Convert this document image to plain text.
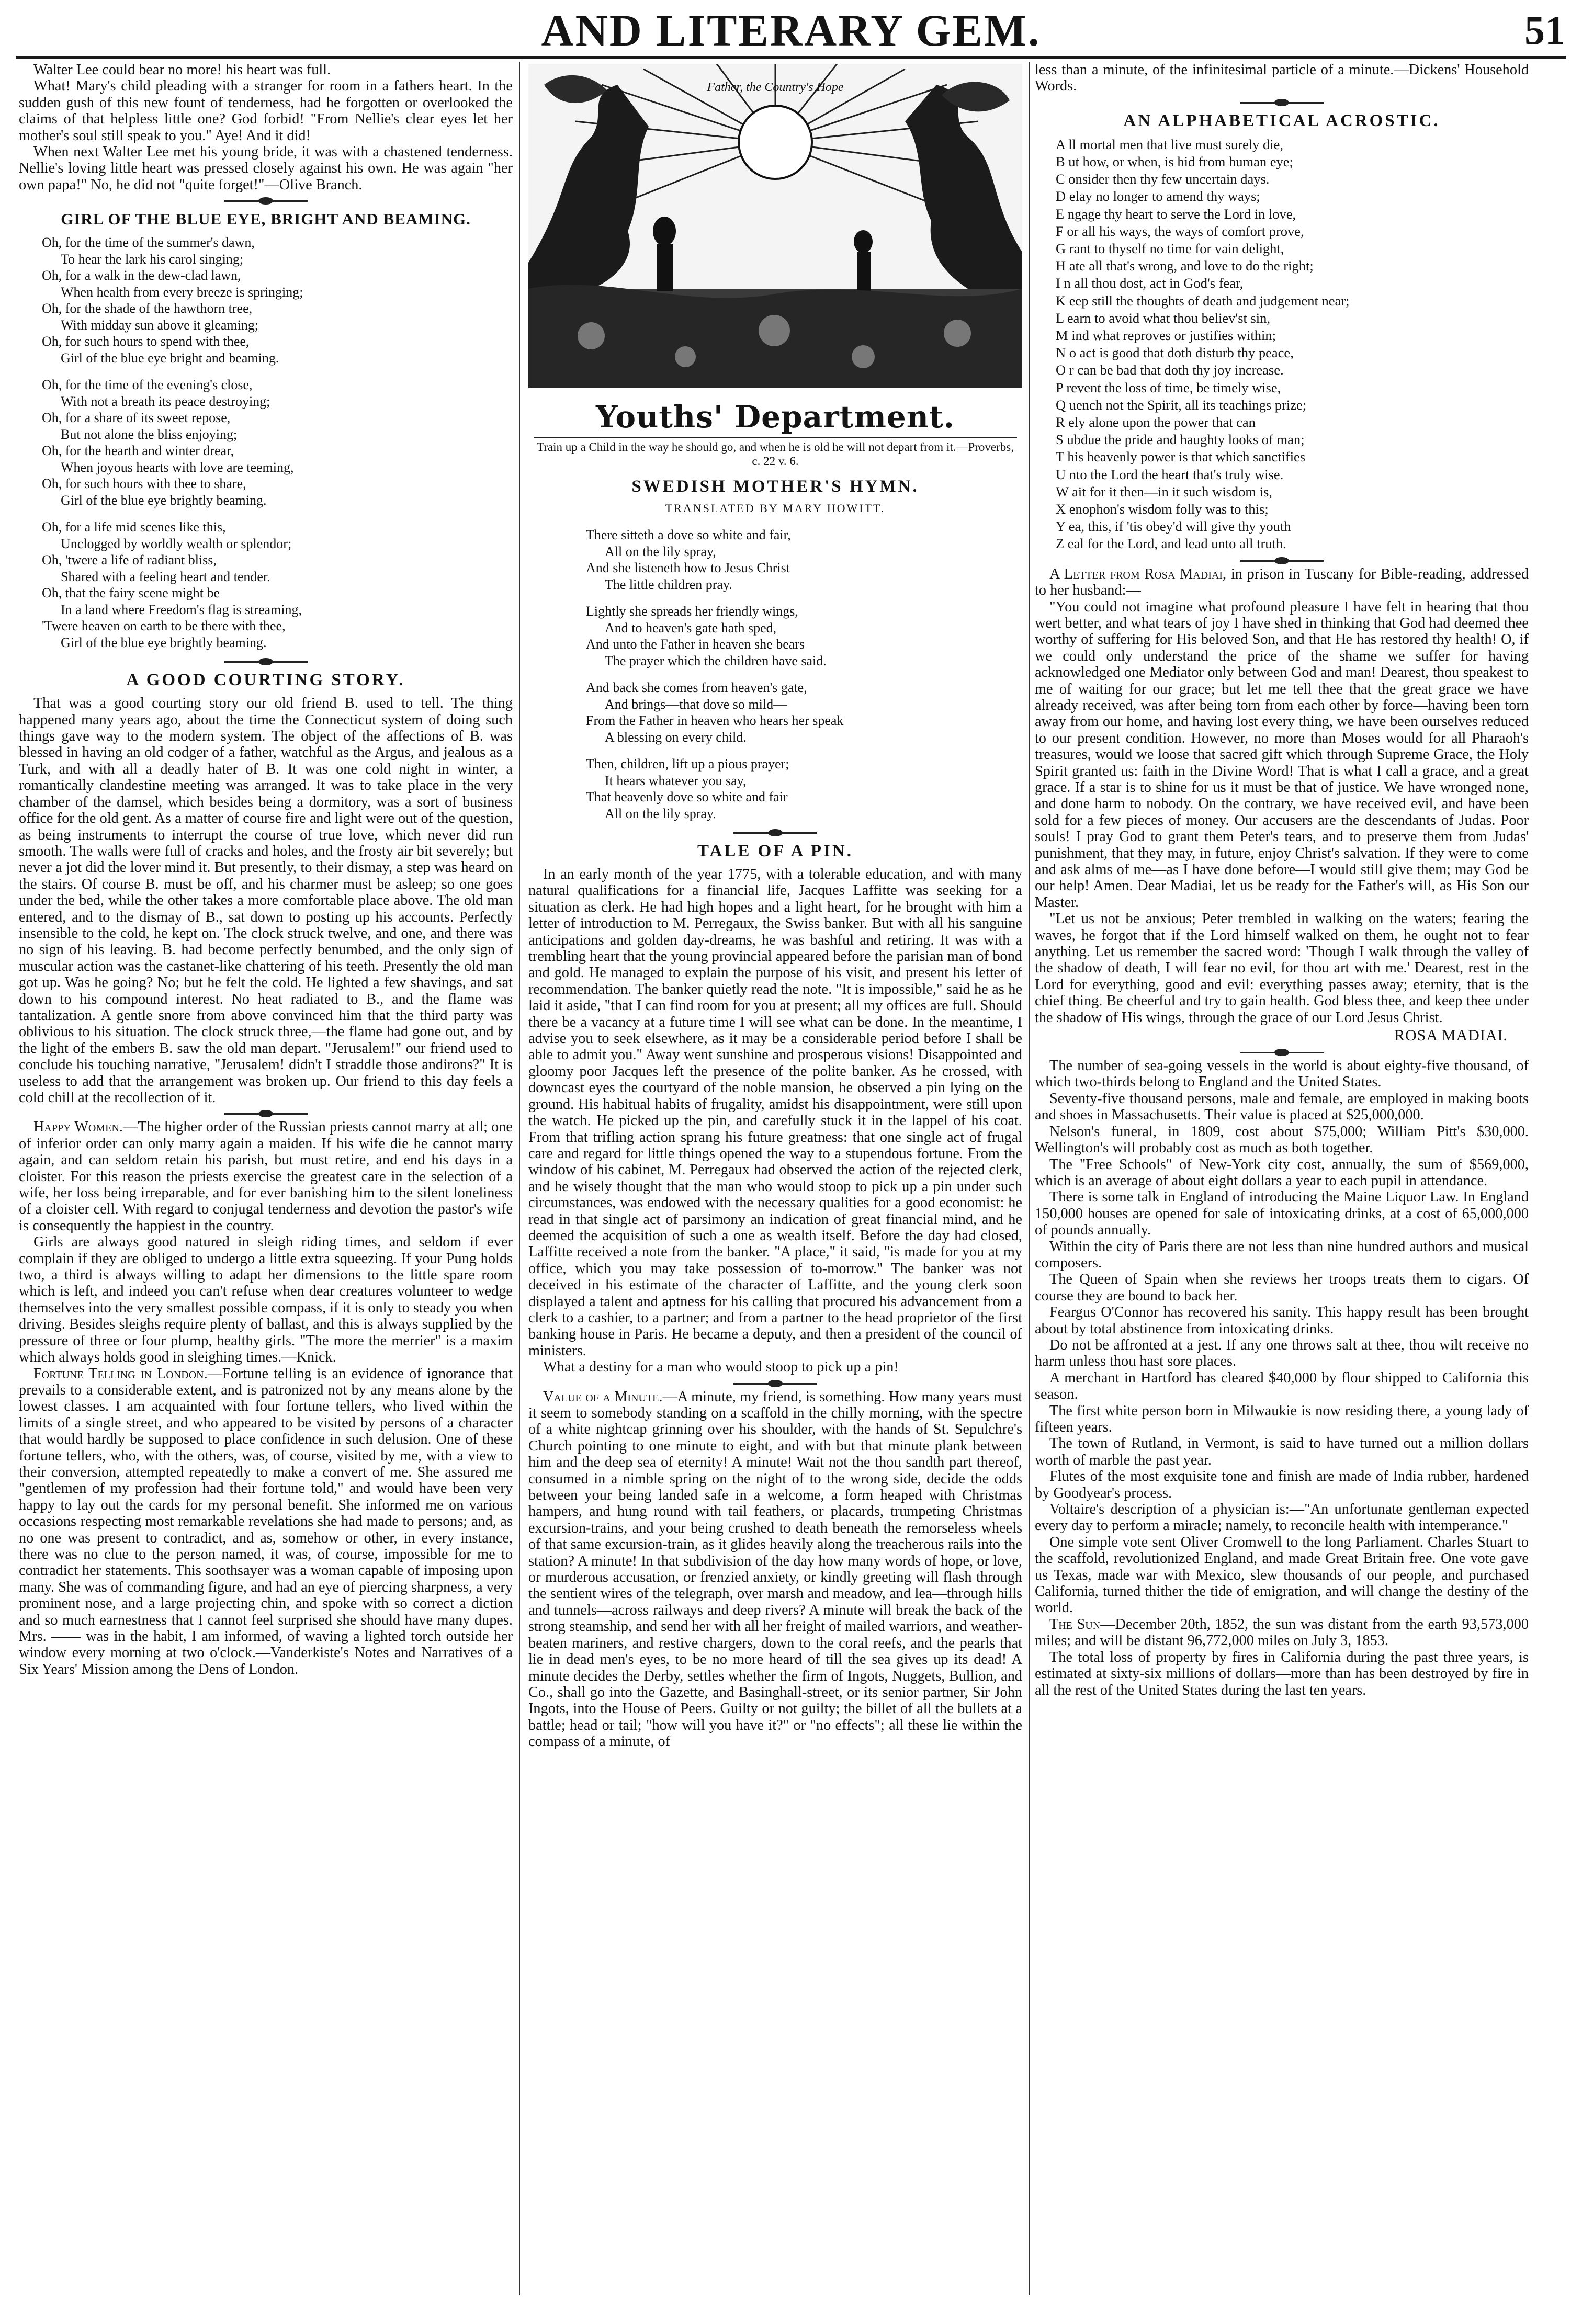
AND LITERARY GEM.	51

Walter Lee could bear no more! his heart was full.

What! Mary's child pleading with a stranger for room in a fathers heart. In the sudden gush of this new fount of tenderness, had he forgotten or overlooked the claims of that helpless little one? God forbid! "From Nellie's clear eyes let her mother's soul still speak to you." Aye! And it did!

When next Walter Lee met his young bride, it was with a chastened tenderness. Nellie's loving little heart was pressed closely against his own. He was again "her own papa!" No, he did not "quite forget!"—Olive Branch.

GIRL OF THE BLUE EYE, BRIGHT AND BEAMING.
Oh, for the time of the summer's dawn,
To hear the lark his carol singing;
Oh, for a walk in the dew-clad lawn,
When health from every breeze is springing;
Oh, for the shade of the hawthorn tree,
With midday sun above it gleaming;
Oh, for such hours to spend with thee,
Girl of the blue eye bright and beaming.
Oh, for the time of the evening's close,
With not a breath its peace destroying;
Oh, for a share of its sweet repose,
But not alone the bliss enjoying;
Oh, for the hearth and winter drear,
When joyous hearts with love are teeming,
Oh, for such hours with thee to share,
Girl of the blue eye brightly beaming.
Oh, for a life mid scenes like this,
Unclogged by worldly wealth or splendor;
Oh, 'twere a life of radiant bliss,
Shared with a feeling heart and tender.
Oh, that the fairy scene might be
In a land where Freedom's flag is streaming,
'Twere heaven on earth to be there with thee,
Girl of the blue eye brightly beaming.
A GOOD COURTING STORY.

That was a good courting story our old friend B. used to tell. The thing happened many years ago, about the time the Connecticut system of doing such things gave way to the modern system. The object of the affections of B. was blessed in having an old codger of a father, watchful as the Argus, and jealous as a Turk, and with all a deadly hater of B. It was one cold night in winter, a romantically clandestine meeting was arranged. It was to take place in the very chamber of the damsel, which besides being a dormitory, was a sort of business office for the old gent. As a matter of course fire and light were out of the question, as being instruments to interrupt the course of true love, which never did run smooth. The walls were full of cracks and holes, and the frosty air bit severely; but never a jot did the lover mind it. But presently, to their dismay, a step was heard on the stairs. Of course B. must be off, and his charmer must be asleep; so one goes under the bed, while the other takes a more comfortable place above. The old man entered, and to the dismay of B., sat down to posting up his accounts. Perfectly insensible to the cold, he kept on. The clock struck twelve, and one, and there was no sign of his leaving. B. had become perfectly benumbed, and the only sign of muscular action was the castanet-like chattering of his teeth. Presently the old man got up. Was he going? No; but he felt the cold. He lighted a few shavings, and sat down to his compound interest. No heat radiated to B., and the flame was tantalization. A gentle snore from above convinced him that the third party was oblivious to his situation. The clock struck three,—the flame had gone out, and by the light of the embers B. saw the old man depart. "Jerusalem!" our friend used to conclude his touching narrative, "Jerusalem! didn't I straddle those andirons?" It is useless to add that the arrangement was broken up. Our friend to this day feels a cold chill at the recollection of it.

Happy Women.—The higher order of the Russian priests cannot marry at all; one of inferior order can only marry again a maiden. If his wife die he cannot marry again, and can seldom retain his parish, but must retire, and end his days in a cloister. For this reason the priests exercise the greatest care in the selection of a wife, her loss being irreparable, and for ever banishing him to the silent loneliness of a cloister cell. With regard to conjugal tenderness and devotion the pastor's wife is consequently the happiest in the country.

Girls are always good natured in sleigh riding times, and seldom if ever complain if they are obliged to undergo a little extra squeezing. If your Pung holds two, a third is always willing to adapt her dimensions to the little spare room which is left, and indeed you can't refuse when dear creatures volunteer to wedge themselves into the very smallest possible compass, if it is only to steady you when driving. Besides sleighs require plenty of ballast, and this is always supplied by the pressure of three or four plump, healthy girls. "The more the merrier" is a maxim which always holds good in sleighing times.—Knick.

Fortune Telling in London.—Fortune telling is an evidence of ignorance that prevails to a considerable extent, and is patronized not by any means alone by the lowest classes. I am acquainted with four fortune tellers, who lived within the limits of a single street, and who appeared to be visited by persons of a character that would hardly be supposed to place confidence in such delusion. One of these fortune tellers, who, with the others, was, of course, visited by me, with a view to their conversion, attempted repeatedly to make a convert of me. She assured me "gentlemen of my profession had their fortune told," and would have been very happy to lay out the cards for my personal benefit. She informed me on various occasions respecting most remarkable revelations she had made to persons; and, as no one was present to contradict, and as, somehow or other, in every instance, there was no clue to the person named, it was, of course, impossible for me to contradict her statements. This soothsayer was a woman capable of imposing upon many. She was of commanding figure, and had an eye of piercing sharpness, a very prominent nose, and a large projecting chin, and spoke with so correct a diction and so much earnestness that I cannot feel surprised she should have many dupes. Mrs. —— was in the habit, I am informed, of waving a lighted torch outside her window every morning at two o'clock.—Vanderkiste's Notes and Narratives of a Six Years' Mission among the Dens of London.

Father, the Country's Hope
Youths' Department.
Train up a Child in the way he should go, and when he is old he will not depart from it.—Proverbs, c. 22 v. 6.
SWEDISH MOTHER'S HYMN.
TRANSLATED BY MARY HOWITT.
There sitteth a dove so white and fair,
All on the lily spray,
And she listeneth how to Jesus Christ
The little children pray.
Lightly she spreads her friendly wings,
And to heaven's gate hath sped,
And unto the Father in heaven she bears
The prayer which the children have said.
And back she comes from heaven's gate,
And brings—that dove so mild—
From the Father in heaven who hears her speak
A blessing on every child.
Then, children, lift up a pious prayer;
It hears whatever you say,
That heavenly dove so white and fair
All on the lily spray.
TALE OF A PIN.

In an early month of the year 1775, with a tolerable education, and with many natural qualifications for a financial life, Jacques Laffitte was seeking for a situation as clerk. He had high hopes and a light heart, for he brought with him a letter of introduction to M. Perregaux, the Swiss banker. But with all his sanguine anticipations and golden day-dreams, he was bashful and retiring. It was with a trembling heart that the young provincial appeared before the parisian man of bond and gold. He managed to explain the purpose of his visit, and present his letter of recommendation. The banker quietly read the note. "It is impossible," said he as he laid it aside, "that I can find room for you at present; all my offices are full. Should there be a vacancy at a future time I will see what can be done. In the meantime, I advise you to seek elsewhere, as it may be a considerable period before I shall be able to admit you." Away went sunshine and prosperous visions! Disappointed and gloomy poor Jacques left the presence of the polite banker. As he crossed, with downcast eyes the courtyard of the noble mansion, he observed a pin lying on the ground. His habitual habits of frugality, amidst his disappointment, were still upon the watch. He picked up the pin, and carefully stuck it in the lappel of his coat. From that trifling action sprang his future greatness: that one single act of frugal care and regard for little things opened the way to a stupendous fortune. From the window of his cabinet, M. Perregaux had observed the action of the rejected clerk, and he wisely thought that the man who would stoop to pick up a pin under such circumstances, was endowed with the necessary qualities for a good economist: he read in that single act of parsimony an indication of great financial mind, and he deemed the acquisition of such a one as wealth itself. Before the day had closed, Laffitte received a note from the banker. "A place," it said, "is made for you at my office, which you may take possession of to-morrow." The banker was not deceived in his estimate of the character of Laffitte, and the young clerk soon displayed a talent and aptness for his calling that procured his advancement from a clerk to a cashier, to a partner; and from a partner to the head proprietor of the first banking house in Paris. He became a deputy, and then a president of the council of ministers.

What a destiny for a man who would stoop to pick up a pin!

Value of a Minute.—A minute, my friend, is something. How many years must it seem to somebody standing on a scaffold in the chilly morning, with the spectre of a white nightcap grinning over his shoulder, with the hands of St. Sepulchre's Church pointing to one minute to eight, and with but that minute plank between him and the deep sea of eternity! A minute! Wait not the thou sandth part thereof, consumed in a nimble spring on the night of to the wrong side, decide the odds between your being landed safe in a welcome, a form heaped with Christmas hampers, and hung round with tail feathers, or placards, trumpeting Christmas excursion-trains, and your being crushed to death beneath the remorseless wheels of that same excursion-train, as it glides heavily along the treacherous rails into the station? A minute! In that subdivision of the day how many words of hope, or love, or murderous accusation, or frenzied anxiety, or kindly greeting will flash through the sentient wires of the telegraph, over marsh and meadow, and lea—through hills and tunnels—across railways and deep rivers? A minute will break the back of the strong steamship, and send her with all her freight of mailed warriors, and weather-beaten mariners, and restive chargers, down to the coral reefs, and the pearls that lie in dead men's eyes, to be no more heard of till the sea gives up its dead! A minute decides the Derby, settles whether the firm of Ingots, Nuggets, Bullion, and Co., shall go into the Gazette, and Basinghall-street, or its senior partner, Sir John Ingots, into the House of Peers. Guilty or not guilty; the billet of all the bullets at a battle; head or tail; "how will you have it?" or "no effects"; all these lie within the compass of a minute, of

less than a minute, of the infinitesimal particle of a minute.—Dickens' Household Words.

AN ALPHABETICAL ACROSTIC.
A ll mortal men that live must surely die,
B ut how, or when, is hid from human eye;
C onsider then thy few uncertain days.
D elay no longer to amend thy ways;
E ngage thy heart to serve the Lord in love,
F or all his ways, the ways of comfort prove,
G rant to thyself no time for vain delight,
H ate all that's wrong, and love to do the right;
I n all thou dost, act in God's fear,
K eep still the thoughts of death and judgement near;
L earn to avoid what thou believ'st sin,
M ind what reproves or justifies within;
N o act is good that doth disturb thy peace,
O r can be bad that doth thy joy increase.
P revent the loss of time, be timely wise,
Q uench not the Spirit, all its teachings prize;
R ely alone upon the power that can
S ubdue the pride and haughty looks of man;
T his heavenly power is that which sanctifies
U nto the Lord the heart that's truly wise.
W ait for it then—in it such wisdom is,
X enophon's wisdom folly was to this;
Y ea, this, if 'tis obey'd will give thy youth
Z eal for the Lord, and lead unto all truth.

A Letter from Rosa Madiai, in prison in Tuscany for Bible-reading, addressed to her husband:—

"You could not imagine what profound pleasure I have felt in hearing that thou wert better, and what tears of joy I have shed in thinking that God had deemed thee worthy of suffering for His beloved Son, and that He has restored thy health! O, if we could only understand the price of the shame we suffer for having acknowledged one Mediator only between God and man! Dearest, thou speakest to me of waiting for our grace; but let me tell thee that the great grace we have already received, was after being torn from each other by force—having been torn away from our home, and having lost every thing, we have been ourselves reduced to our present condition. However, no more than Moses would for all Pharaoh's treasures, would we loose that sacred gift which through Supreme Grace, the Holy Spirit granted us: faith in the Divine Word! That is what I call a grace, and a great grace. If a star is to shine for us it must be that of justice. We have wronged none, and done harm to nobody. On the contrary, we have received evil, and have been sold for a few pieces of money. Our accusers are the descendants of Judas. Poor souls! I pray God to grant them Peter's tears, and to preserve them from Judas' punishment, that they may, in future, enjoy Christ's salvation. If they were to come and ask alms of me—as I have done before—I would still give them; may God be our help! Amen. Dear Madiai, let us be ready for the Father's will, as His Son our Master.

"Let us not be anxious; Peter trembled in walking on the waters; fearing the waves, he forgot that if the Lord himself walked on them, he ought not to fear anything. Let us remember the sacred word: 'Though I walk through the valley of the shadow of death, I will fear no evil, for thou art with me.' Dearest, rest in the Lord for everything, good and evil: everything passes away; eternity, that is the chief thing. Be cheerful and try to gain health. God bless thee, and keep thee under the shadow of His wings, through the grace of our Lord Jesus Christ.

ROSA MADIAI.

The number of sea-going vessels in the world is about eighty-five thousand, of which two-thirds belong to England and the United States.

Seventy-five thousand persons, male and female, are employed in making boots and shoes in Massachusetts. Their value is placed at $25,000,000.

Nelson's funeral, in 1809, cost about $75,000; William Pitt's $30,000. Wellington's will probably cost as much as both together.

The "Free Schools" of New-York city cost, annually, the sum of $569,000, which is an average of about eight dollars a year to each pupil in attendance.

There is some talk in England of introducing the Maine Liquor Law. In England 150,000 houses are opened for sale of intoxicating drinks, at a cost of 65,000,000 of pounds annually.

Within the city of Paris there are not less than nine hundred authors and musical composers.

The Queen of Spain when she reviews her troops treats them to cigars. Of course they are bound to back her.

Feargus O'Connor has recovered his sanity. This happy result has been brought about by total abstinence from intoxicating drinks.

Do not be affronted at a jest. If any one throws salt at thee, thou wilt receive no harm unless thou hast sore places.

A merchant in Hartford has cleared $40,000 by flour shipped to California this season.

The first white person born in Milwaukie is now residing there, a young lady of fifteen years.

The town of Rutland, in Vermont, is said to have turned out a million dollars worth of marble the past year.

Flutes of the most exquisite tone and finish are made of India rubber, hardened by Goodyear's process.

Voltaire's description of a physician is:—"An unfortunate gentleman expected every day to perform a miracle; namely, to reconcile health with intemperance."

One simple vote sent Oliver Cromwell to the long Parliament. Charles Stuart to the scaffold, revolutionized England, and made Great Britain free. One vote gave us Texas, made war with Mexico, slew thousands of our people, and purchased California, turned thither the tide of emigration, and will change the destiny of the world.

The Sun—December 20th, 1852, the sun was distant from the earth 93,573,000 miles; and will be distant 96,772,000 miles on July 3, 1853.

The total loss of property by fires in California during the past three years, is estimated at sixty-six millions of dollars—more than has been destroyed by fire in all the rest of the United States during the last ten years.
